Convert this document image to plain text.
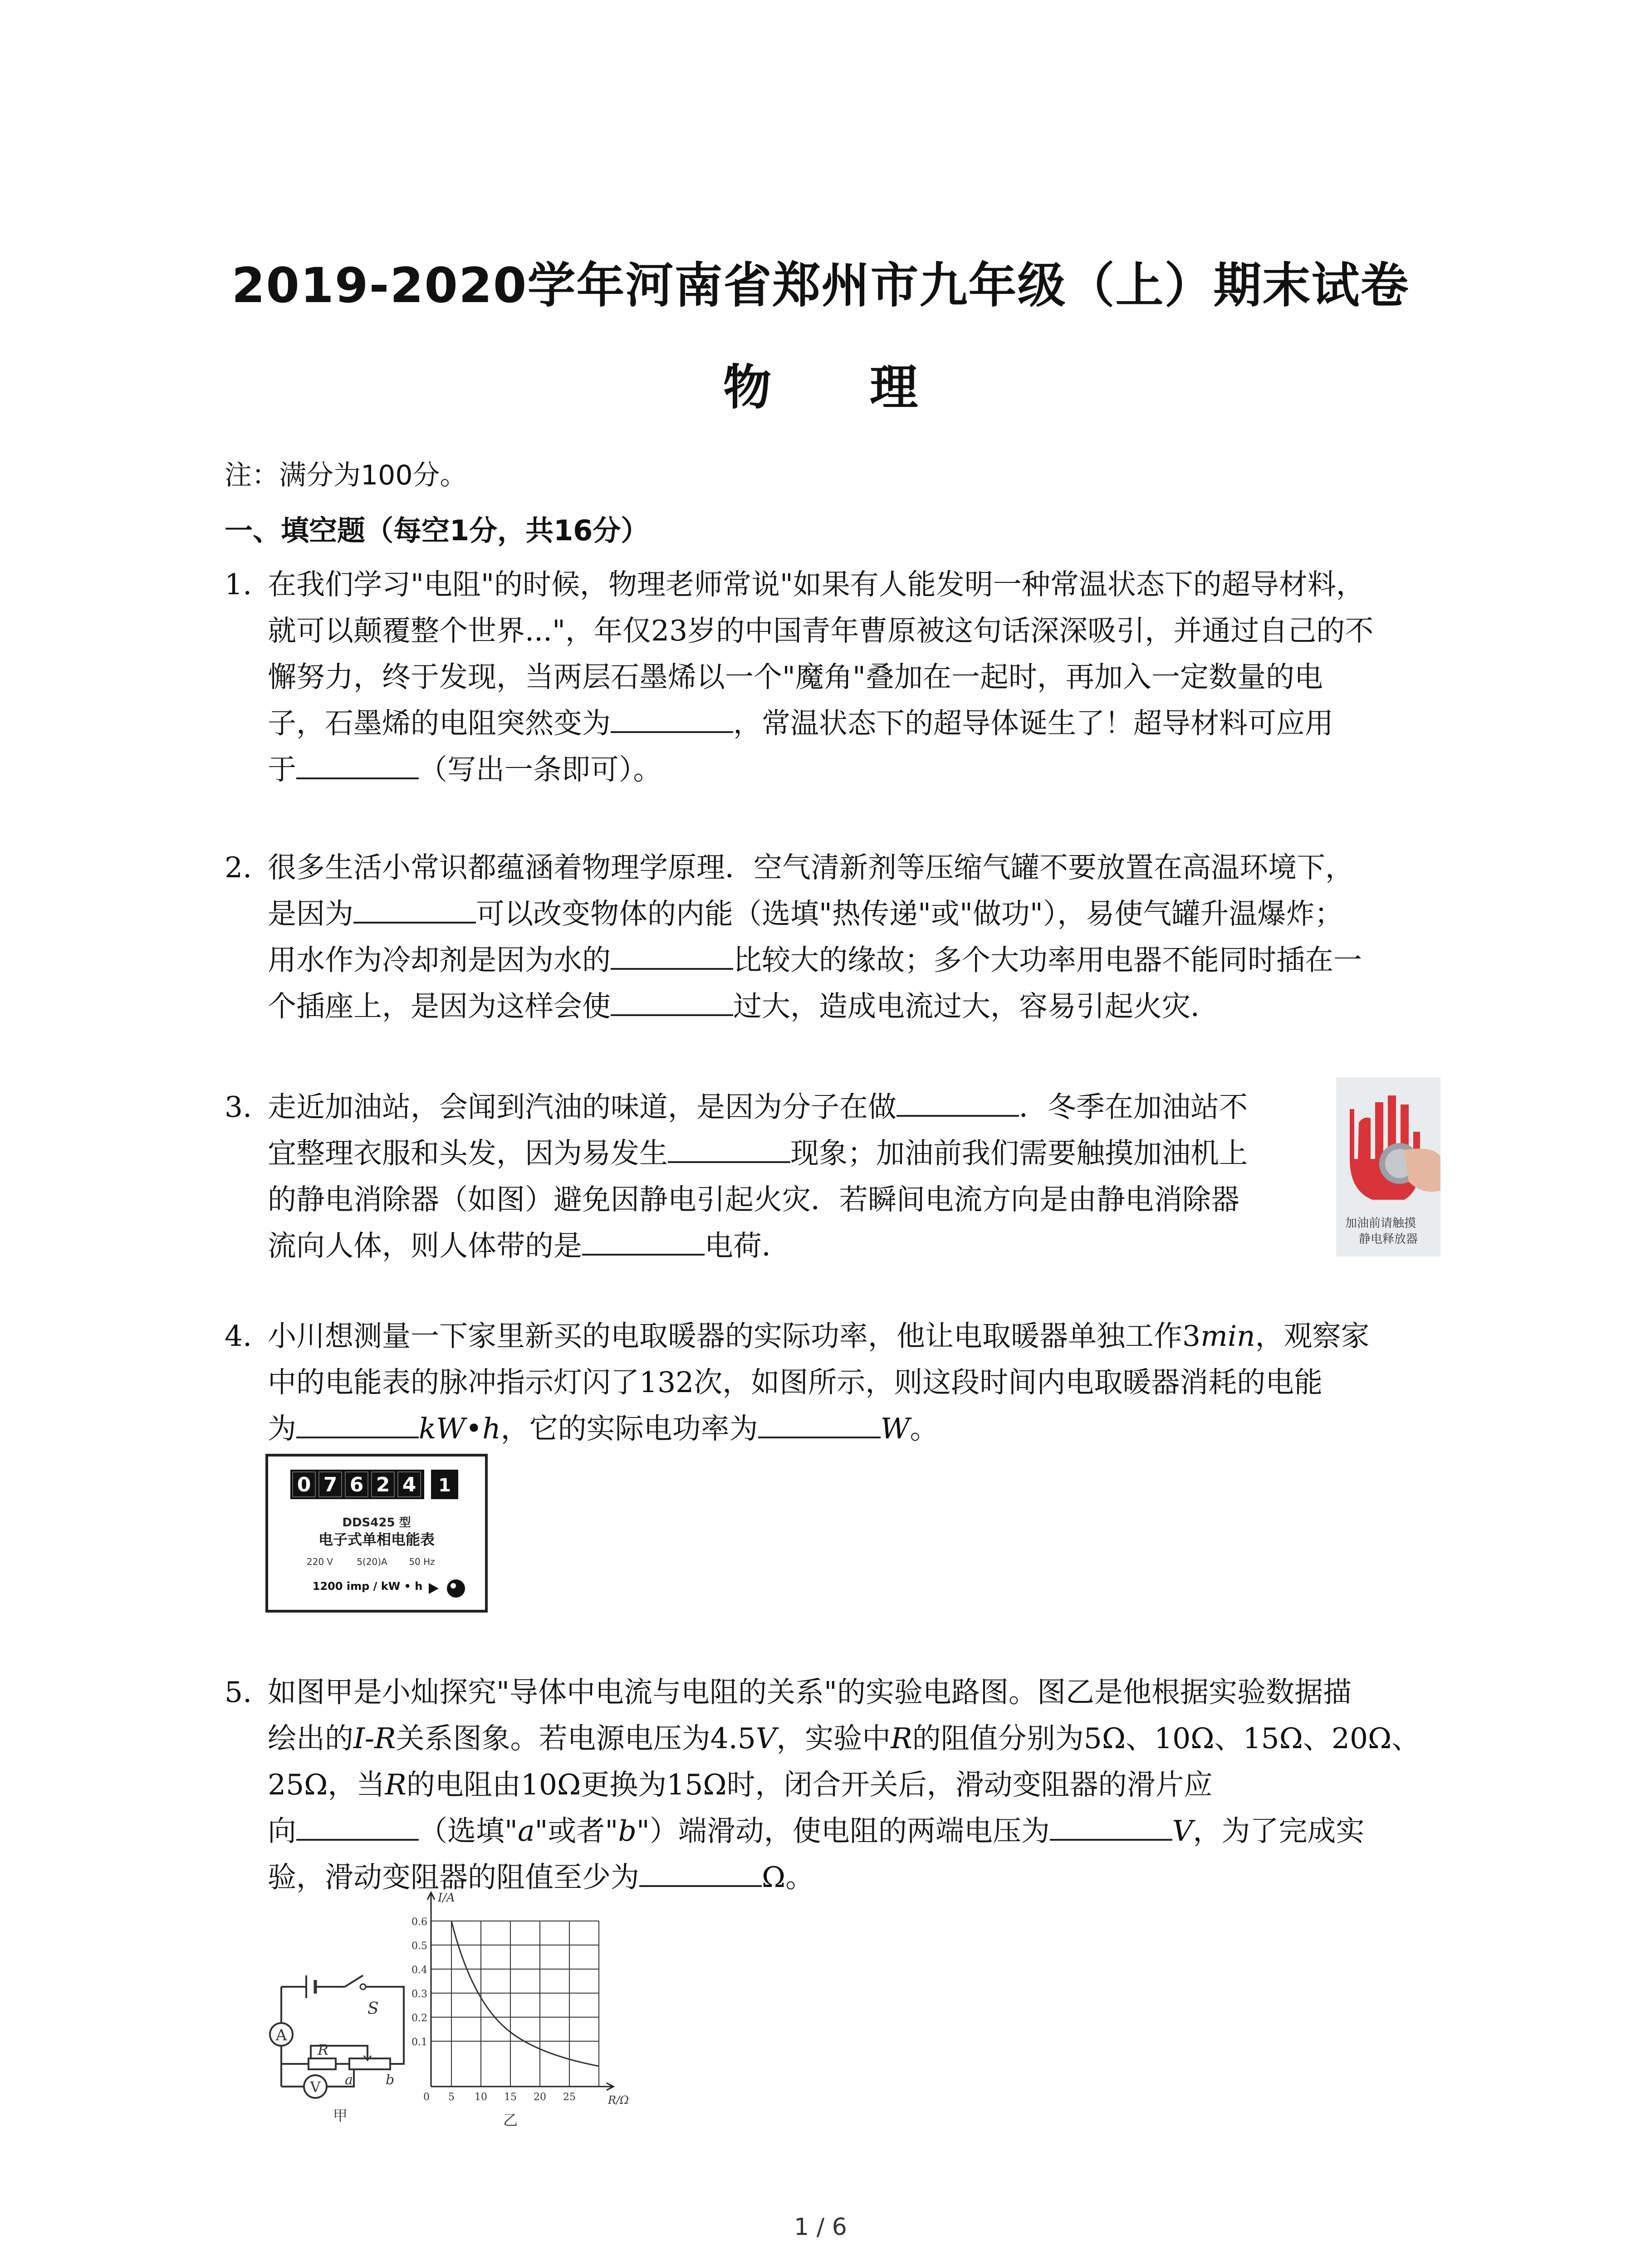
2019-2020学年河南省郑州市九年级（上）期末试卷
物 理
注：满分为100分。
一、填空题（每空1分，共16分）
1. 在我们学习"电阻"的时候，物理老师常说"如果有人能发明一种常温状态下的超导材料，
就可以颠覆整个世界..."，年仅23岁的中国青年曹原被这句话深深吸引，并通过自己的不
懈努力，终于发现，当两层石墨烯以一个"魔角"叠加在一起时，再加入一定数量的电
子，石墨烯的电阻突然变为	，常温状态下的超导体诞生了！超导材料可应用
于	（写出一条即可）。
2. 很多生活小常识都蕴涵着物理学原理．空气清新剂等压缩气罐不要放置在高温环境下，
是因为	可以改变物体的内能（选填"热传递"或"做功"），易使气罐升温爆炸；
用水作为冷却剂是因为水的	比较大的缘故；多个大功率用电器不能同时插在一
个插座上，是因为这样会使	过大，造成电流过大，容易引起火灾．
3. 走近加油站，会闻到汽油的味道，是因为分子在做	．冬季在加油站不
宜整理衣服和头发，因为易发生	现象；加油前我们需要触摸加油机上
的静电消除器（如图）避免因静电引起火灾．若瞬间电流方向是由静电消除器
流向人体，则人体带的是	电荷．
加油前请触摸
静电释放器
4. 小川想测量一下家里新买的电取暖器的实际功率，他让电取暖器单独工作3min，观察家
中的电能表的脉冲指示灯闪了132次，如图所示，则这段时间内电取暖器消耗的电能
为	kW•h，它的实际电功率为	W。
0 7 6 2 4 1
DDS425 型
电子式单相电能表
220 V	5(20)A 50 Hz
1200 imp / kW • h
5. 如图甲是小灿探究"导体中电流与电阻的关系"的实验电路图。图乙是他根据实验数据描
绘出的I-R关系图象。若电源电压为4.5V，实验中R的阻值分别为5Ω、10Ω、15Ω、20Ω、
25Ω，当R的电阻由10Ω更换为15Ω时，闭合开关后，滑动变阻器的滑片应
向	（选填"a"或者"b"）端滑动，使电阻的两端电压为	V，为了完成实
验，滑动变阻器的阻值至少为	Ω。
S
A
R
a b
V
甲
I/A
R/Ω
0.6
0.5
0.4
0.3
0.2
0.1
0 5 10 15 20 25
乙
1 / 6
